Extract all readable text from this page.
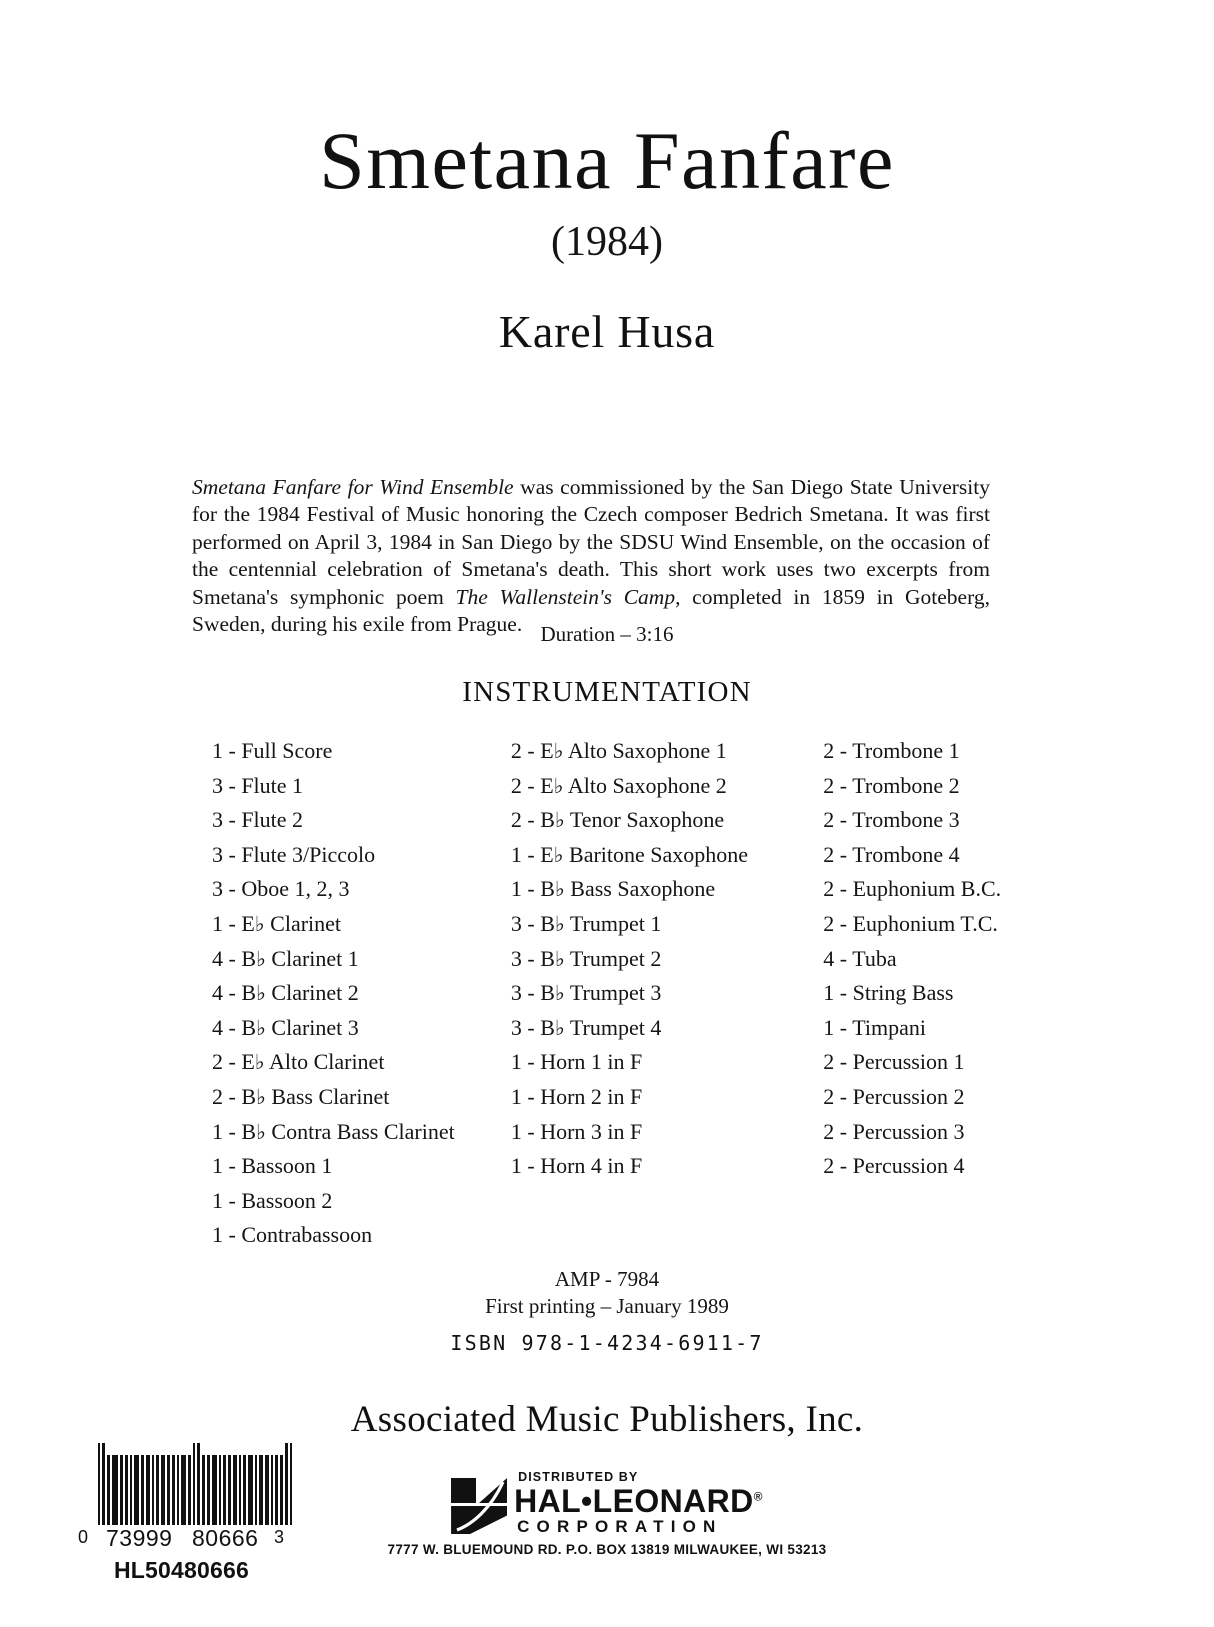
Smetana Fanfare
(1984)
Karel Husa

Smetana Fanfare for Wind Ensemble was commissioned by the San Diego State University for the 1984 Festival of Music honoring the Czech composer Bedrich Smetana. It was first performed on April 3, 1984 in San Diego by the SDSU Wind Ensemble, on the occasion of the centennial celebration of Smetana's death. This short work uses two excerpts from Smetana's symphonic poem The Wallenstein's Camp, completed in 1859 in Goteberg, Sweden, during his exile from Prague. Duration – 3:16
INSTRUMENTATION
1 - Full Score
3 - Flute 1
3 - Flute 2
3 - Flute 3/Piccolo
3 - Oboe 1, 2, 3
1 - E♭ Clarinet
4 - B♭ Clarinet 1
4 - B♭ Clarinet 2
4 - B♭ Clarinet 3
2 - E♭ Alto Clarinet
2 - B♭ Bass Clarinet
1 - B♭ Contra Bass Clarinet
1 - Bassoon 1
1 - Bassoon 2
1 - Contrabassoon
2 - E♭ Alto Saxophone 1
2 - E♭ Alto Saxophone 2
2 - B♭ Tenor Saxophone
1 - E♭ Baritone Saxophone
1 - B♭ Bass Saxophone
3 - B♭ Trumpet 1
3 - B♭ Trumpet 2
3 - B♭ Trumpet 3
3 - B♭ Trumpet 4
1 - Horn 1 in F
1 - Horn 2 in F
1 - Horn 3 in F
1 - Horn 4 in F
2 - Trombone 1
2 - Trombone 2
2 - Trombone 3
2 - Trombone 4
2 - Euphonium B.C.
2 - Euphonium T.C.
4 - Tuba
1 - String Bass
1 - Timpani
2 - Percussion 1
2 - Percussion 2
2 - Percussion 3
2 - Percussion 4
AMP - 7984
First printing – January 1989
ISBN 978-1-4234-6911-7
Associated Music Publishers, Inc.
DISTRIBUTED BY
HAL•LEONARD®
CORPORATION
7777 W. BLUEMOUND RD. P.O. BOX 13819 MILWAUKEE, WI 53213
0 73999 80666 3
HL50480666
